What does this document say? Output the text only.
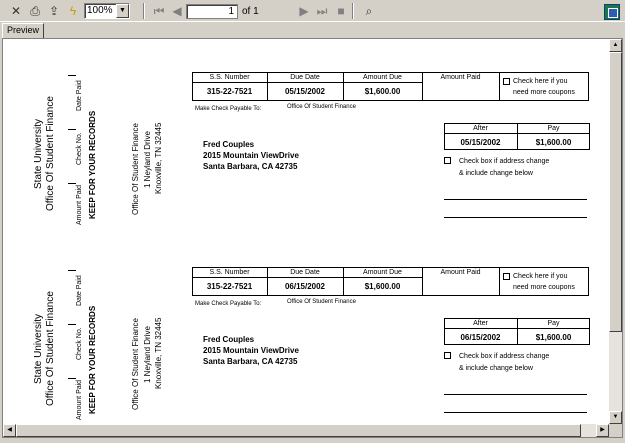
✕ ⎙ ⇪ ϟ	100% ▼ ⏮ ◀	1 of 1	▶ ⏭ ■	⌕
Preview
State University Office Of Student Finance
Date Paid
Check No.
Amount Paid KEEP FOR YOUR RECORDS	Office Of Student Finance 1 Neyland Drive Knoxville, TN 32445
S.S. Number	Due Date	Amount Due	Amount Paid
315-22-7521	05/15/2002	$1,600.00
Check here if you
need more coupons
Make Check Payable To:	Office Of Student Finance
Fred Couples
2015 Mountain ViewDrive
Santa Barbara, CA 42735
After	Pay
05/15/2002	$1,600.00
Check box if address change
& include change below
State University Office Of Student Finance
Date Paid
Check No.
Amount Paid KEEP FOR YOUR RECORDS	Office Of Student Finance 1 Neyland Drive Knoxville, TN 32445
S.S. Number	Due Date	Amount Due	Amount Paid
315-22-7521	06/15/2002	$1,600.00
Check here if you
need more coupons
Make Check Payable To:	Office Of Student Finance
Fred Couples
2015 Mountain ViewDrive
Santa Barbara, CA 42735
After	Pay
06/15/2002	$1,600.00
Check box if address change
& include change below
▲
▼
◀	▶
